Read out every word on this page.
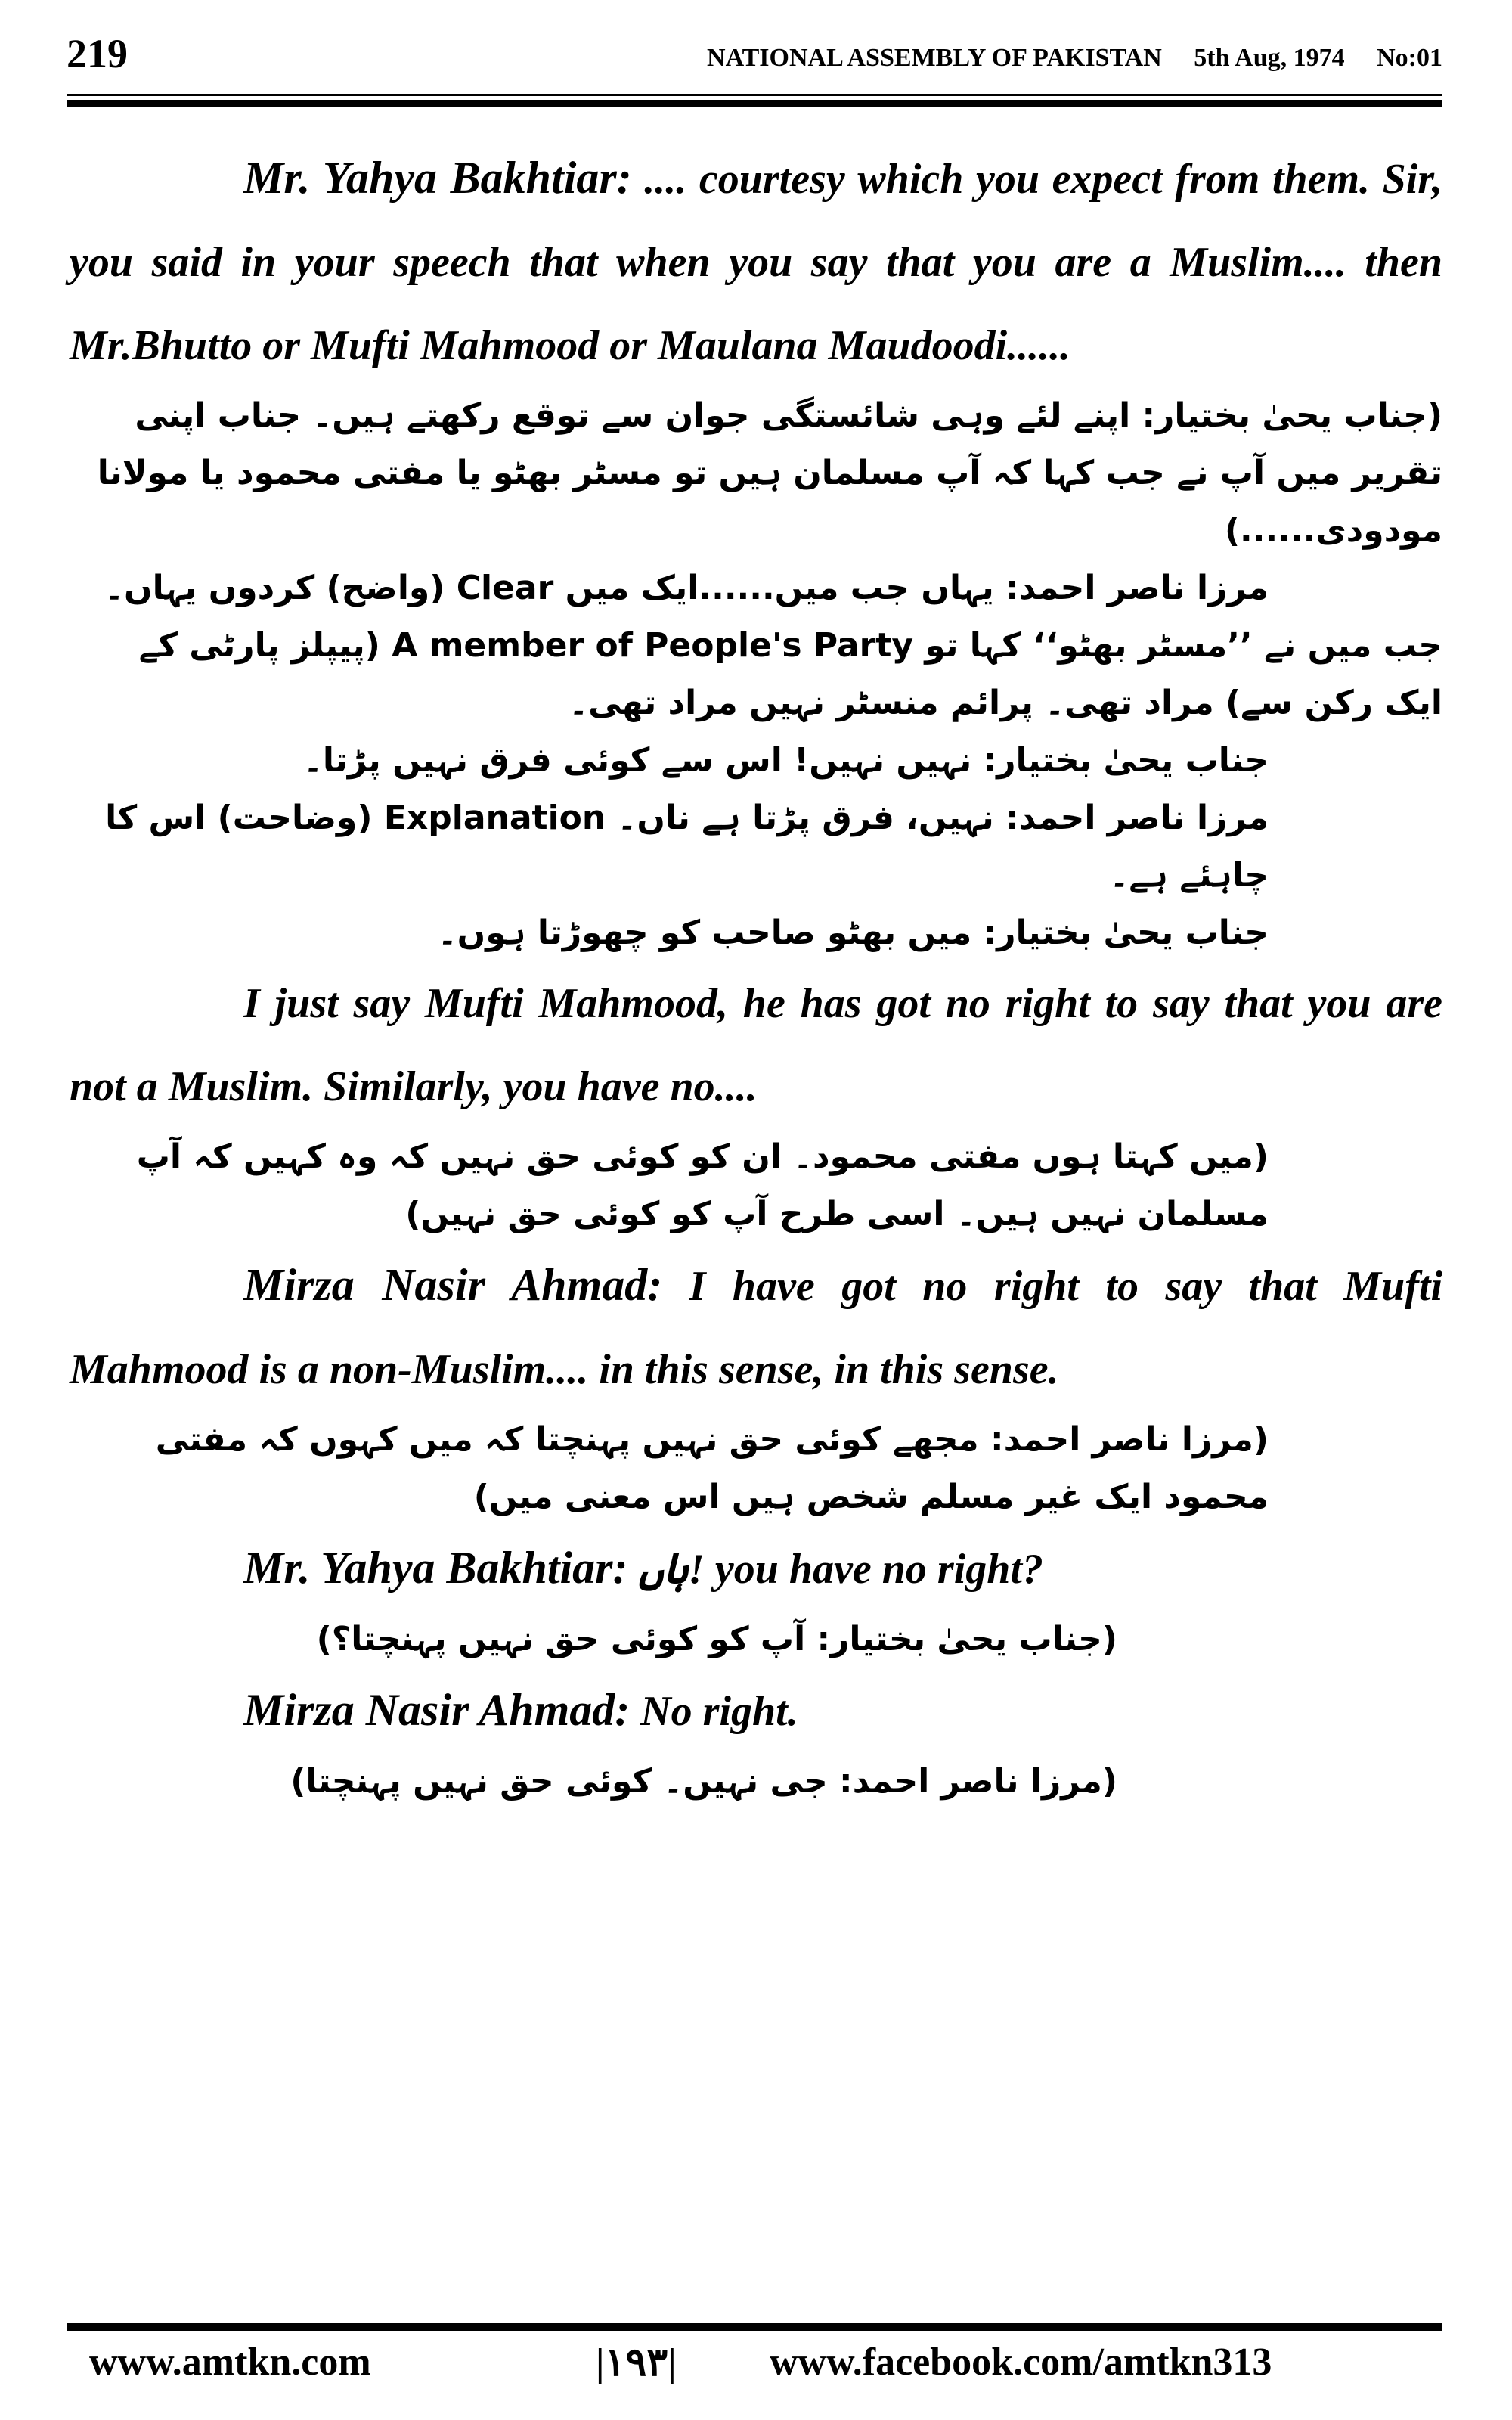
219	NATIONAL ASSEMBLY OF PAKISTAN 5th Aug, 1974 No:01

Mr. Yahya Bakhtiar: .... courtesy which you expect from them. Sir, you said in your speech that when you say that you are a Muslim.... then Mr.Bhutto or Mufti Mahmood or Maulana Maudoodi......

(جناب یحیٰ بختیار: اپنے لئے وہی شائستگی جوان سے توقع رکھتے ہیں۔ جناب اپنی تقریر میں آپ نے جب کہا کہ آپ مسلمان ہیں تو مسٹر بھٹو یا مفتی محمود یا مولانا مودودی......)

مرزا ناصر احمد: یہاں جب میں......ایک میں Clear (واضح) کردوں یہاں۔

جب میں نے ’’مسٹر بھٹو‘‘ کہا تو A member of People's Party (پیپلز پارٹی کے ایک رکن سے) مراد تھی۔ پرائم منسٹر نہیں مراد تھی۔

جناب یحیٰ بختیار: نہیں نہیں! اس سے کوئی فرق نہیں پڑتا۔

مرزا ناصر احمد: نہیں، فرق پڑتا ہے ناں۔ Explanation (وضاحت) اس کا چاہئے ہے۔

جناب یحیٰ بختیار: میں بھٹو صاحب کو چھوڑتا ہوں۔

I just say Mufti Mahmood, he has got no right to say that you are not a Muslim. Similarly, you have no....

(میں کہتا ہوں مفتی محمود۔ ان کو کوئی حق نہیں کہ وہ کہیں کہ آپ مسلمان نہیں ہیں۔ اسی طرح آپ کو کوئی حق نہیں)

Mirza Nasir Ahmad: I have got no right to say that Mufti Mahmood is a non-Muslim.... in this sense, in this sense.

(مرزا ناصر احمد: مجھے کوئی حق نہیں پہنچتا کہ میں کہوں کہ مفتی محمود ایک غیر مسلم شخص ہیں اس معنی میں)

Mr. Yahya Bakhtiar: ہاں! you have no right?

(جناب یحیٰ بختیار: آپ کو کوئی حق نہیں پہنچتا؟)

Mirza Nasir Ahmad: No right.

(مرزا ناصر احمد: جی نہیں۔ کوئی حق نہیں پہنچتا)

www.amtkn.com	|۱۹۳| www.facebook.com/amtkn313
